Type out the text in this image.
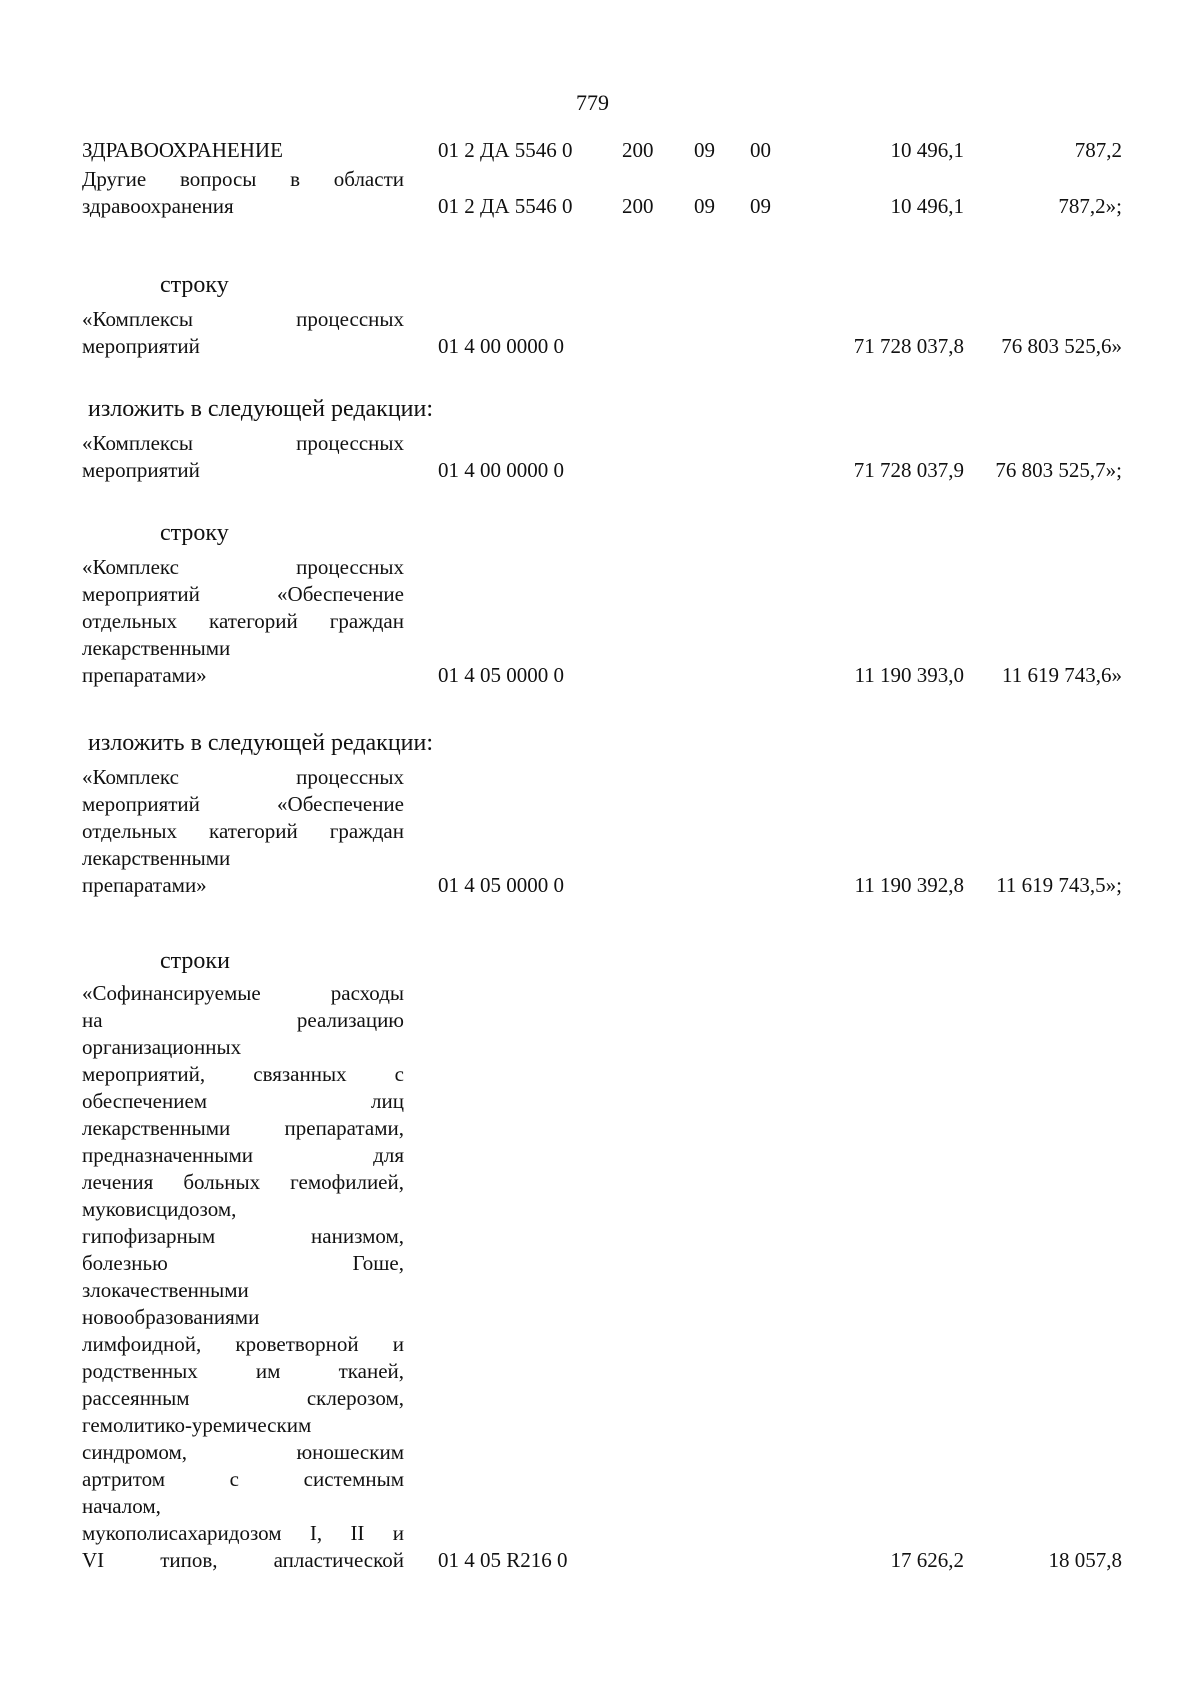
779
ЗДРАВООХРАНЕНИЕ	01 2 ДА 5546 0 200 09 00	10 496,1	787,2
Другие вопросы в области
здравоохранения	01 2 ДА 5546 0 200 09 09	10 496,1	787,2»;
строку
«Комплексы процессных
мероприятий	01 4 00 0000 0	71 728 037,8 76 803 525,6»
изложить в следующей редакции:
«Комплексы процессных
мероприятий	01 4 00 0000 0	71 728 037,9 76 803 525,7»;
строку
«Комплекс процессных
мероприятий «Обеспечение
отдельных категорий граждан
лекарственными
препаратами»	01 4 05 0000 0	11 190 393,0 11 619 743,6»
изложить в следующей редакции:
«Комплекс процессных
мероприятий «Обеспечение
отдельных категорий граждан
лекарственными
препаратами»	01 4 05 0000 0	11 190 392,8 11 619 743,5»;
строки
«Софинансируемые расходы
на реализацию
организационных
мероприятий, связанных с
обеспечением лиц
лекарственными препаратами,
предназначенными для
лечения больных гемофилией,
муковисцидозом,
гипофизарным нанизмом,
болезнью Гоше,
злокачественными
новообразованиями
лимфоидной, кроветворной и
родственных им тканей,
рассеянным склерозом,
гемолитико-уремическим
синдромом, юношеским
артритом с системным
началом,
мукополисахаридозом I, II и
VI типов, апластической 01 4 05 R216 0	17 626,2	18 057,8
